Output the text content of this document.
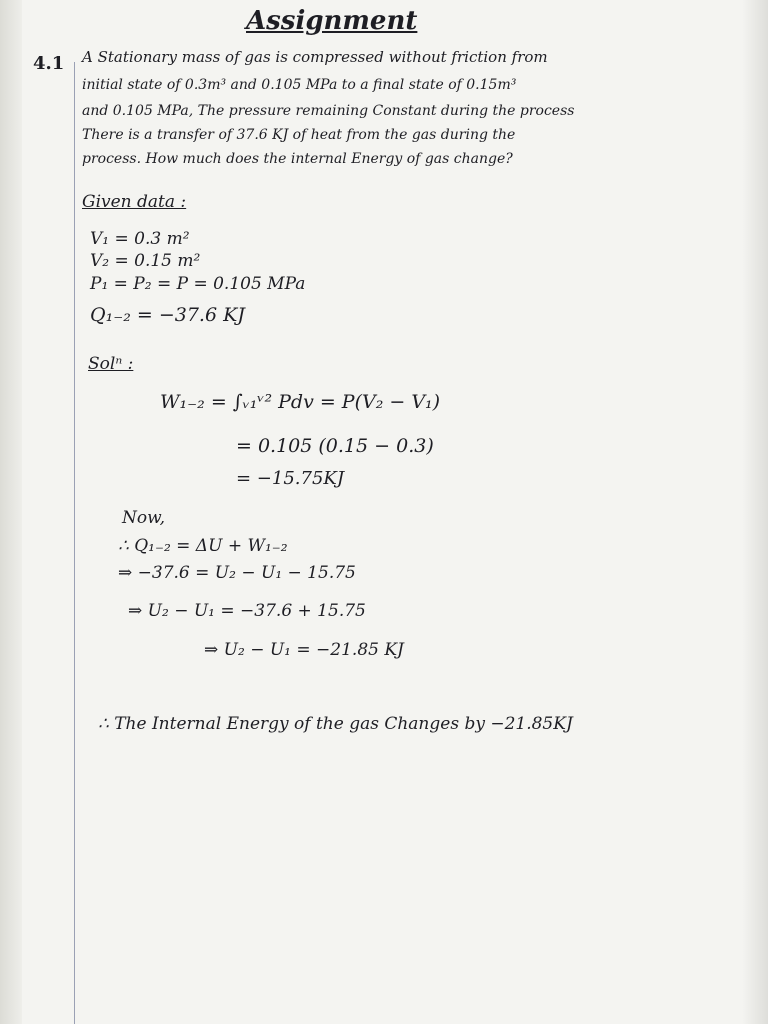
Assignment
4.1 A Stationary mass of gas is compressed without friction from
initial state of 0.3m³ and 0.105 MPa to a final state of 0.15m³
and 0.105 MPa, The pressure remaining Constant during the process
There is a transfer of 37.6 KJ of heat from the gas during the
process. How much does the internal Energy of gas change?
Given data :
V₁ = 0.3 m²
V₂ = 0.15 m²
P₁ = P₂ = P = 0.105 MPa
Q₁₋₂ = −37.6 KJ
Solⁿ :
W₁₋₂ = ∫ᵥ₁ᵛ² Pdv = P(V₂ − V₁)
= 0.105 (0.15 − 0.3)
= −15.75KJ
Now,
∴ Q₁₋₂ = ΔU + W₁₋₂
⇒ −37.6 = U₂ − U₁ − 15.75
⇒ U₂ − U₁ = −37.6 + 15.75
⇒ U₂ − U₁ = −21.85 KJ
∴ The Internal Energy of the gas Changes by −21.85KJ
